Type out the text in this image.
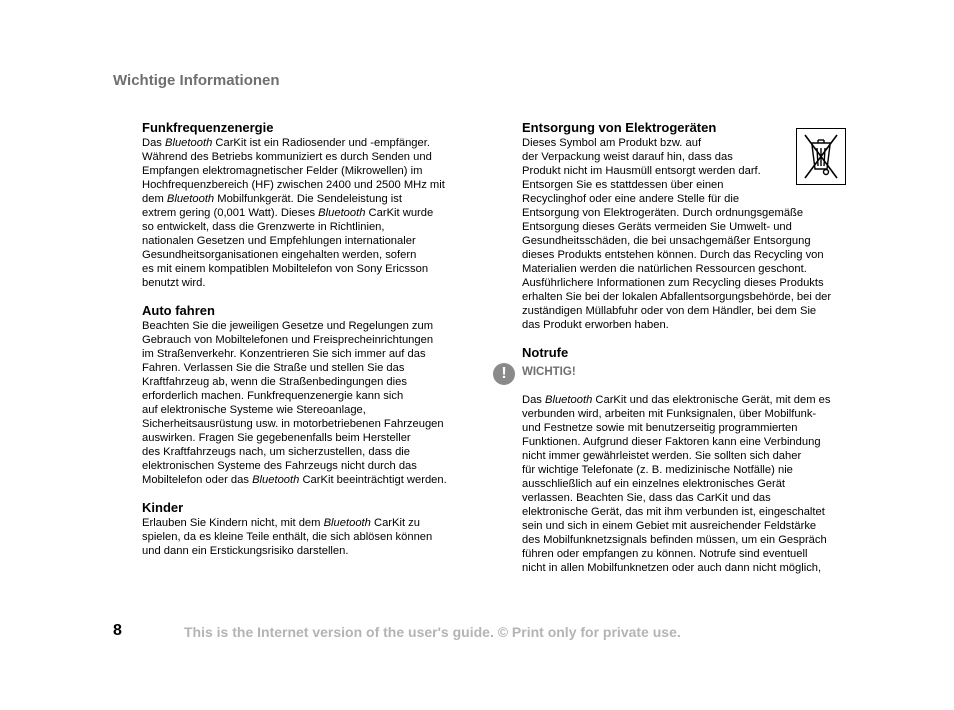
Wichtige Informationen
Funkfrequenzenergie
Das Bluetooth CarKit ist ein Radiosender und -empfänger.
Während des Betriebs kommuniziert es durch Senden und
Empfangen elektromagnetischer Felder (Mikrowellen) im
Hochfrequenzbereich (HF) zwischen 2400 und 2500 MHz mit
dem Bluetooth Mobilfunkgerät. Die Sendeleistung ist
extrem gering (0,001 Watt). Dieses Bluetooth CarKit wurde
so entwickelt, dass die Grenzwerte in Richtlinien,
nationalen Gesetzen und Empfehlungen internationaler
Gesundheitsorganisationen eingehalten werden, sofern
es mit einem kompatiblen Mobiltelefon von Sony Ericsson
benutzt wird.
Auto fahren
Beachten Sie die jeweiligen Gesetze und Regelungen zum
Gebrauch von Mobiltelefonen und Freisprecheinrichtungen
im Straßenverkehr. Konzentrieren Sie sich immer auf das
Fahren. Verlassen Sie die Straße und stellen Sie das
Kraftfahrzeug ab, wenn die Straßenbedingungen dies
erforderlich machen. Funkfrequenzenergie kann sich
auf elektronische Systeme wie Stereoanlage,
Sicherheitsausrüstung usw. in motorbetriebenen Fahrzeugen
auswirken. Fragen Sie gegebenenfalls beim Hersteller
des Kraftfahrzeugs nach, um sicherzustellen, dass die
elektronischen Systeme des Fahrzeugs nicht durch das
Mobiltelefon oder das Bluetooth CarKit beeinträchtigt werden.
Kinder
Erlauben Sie Kindern nicht, mit dem Bluetooth CarKit zu
spielen, da es kleine Teile enthält, die sich ablösen können
und dann ein Erstickungsrisiko darstellen.
Entsorgung von Elektrogeräten
Dieses Symbol am Produkt bzw. auf
der Verpackung weist darauf hin, dass das
Produkt nicht im Hausmüll entsorgt werden darf.
Entsorgen Sie es stattdessen über einen
Recyclinghof oder eine andere Stelle für die
Entsorgung von Elektrogeräten. Durch ordnungsgemäße
Entsorgung dieses Geräts vermeiden Sie Umwelt- und
Gesundheitsschäden, die bei unsachgemäßer Entsorgung
dieses Produkts entstehen können. Durch das Recycling von
Materialien werden die natürlichen Ressourcen geschont.
Ausführlichere Informationen zum Recycling dieses Produkts
erhalten Sie bei der lokalen Abfallentsorgungsbehörde, bei der
zuständigen Müllabfuhr oder von dem Händler, bei dem Sie
das Produkt erworben haben.
Notrufe
!	WICHTIG!
Das Bluetooth CarKit und das elektronische Gerät, mit dem es
verbunden wird, arbeiten mit Funksignalen, über Mobilfunk-
und Festnetze sowie mit benutzerseitig programmierten
Funktionen. Aufgrund dieser Faktoren kann eine Verbindung
nicht immer gewährleistet werden. Sie sollten sich daher
für wichtige Telefonate (z. B. medizinische Notfälle) nie
ausschließlich auf ein einzelnes elektronisches Gerät
verlassen. Beachten Sie, dass das CarKit und das
elektronische Gerät, das mit ihm verbunden ist, eingeschaltet
sein und sich in einem Gebiet mit ausreichender Feldstärke
des Mobilfunknetzsignals befinden müssen, um ein Gespräch
führen oder empfangen zu können. Notrufe sind eventuell
nicht in allen Mobilfunknetzen oder auch dann nicht möglich,
8	This is the Internet version of the user's guide. © Print only for private use.
